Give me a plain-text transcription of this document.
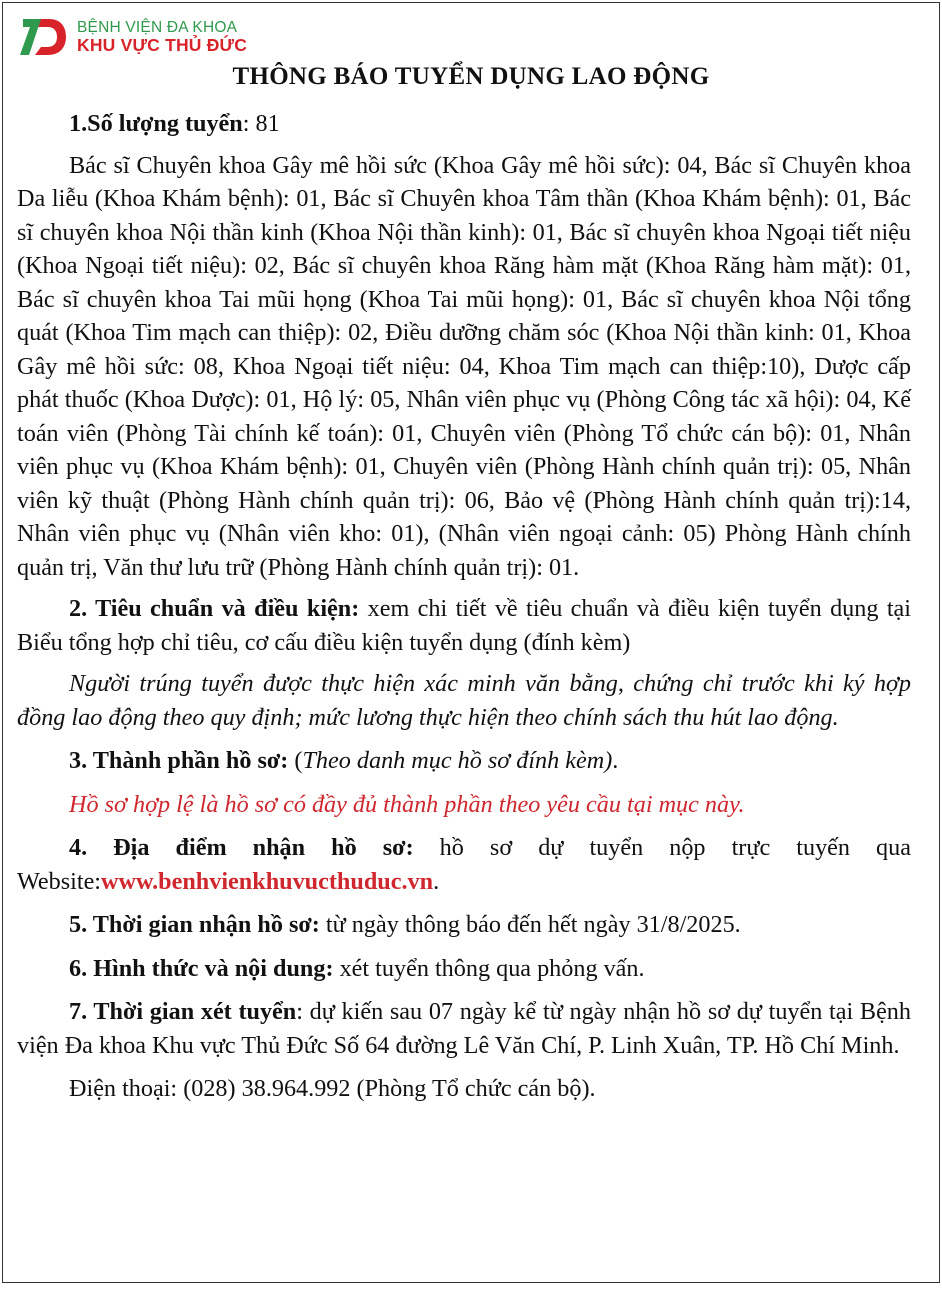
BỆNH VIỆN ĐA KHOA
KHU VỰC THỦ ĐỨC
THÔNG BÁO TUYỂN DỤNG LAO ĐỘNG

1.Số lượng tuyển: 81

Bác sĩ Chuyên khoa Gây mê hồi sức (Khoa Gây mê hồi sức): 04, Bác sĩ Chuyên khoa Da liễu (Khoa Khám bệnh): 01, Bác sĩ Chuyên khoa Tâm thần (Khoa Khám bệnh): 01, Bác sĩ chuyên khoa Nội thần kinh (Khoa Nội thần kinh): 01, Bác sĩ chuyên khoa Ngoại tiết niệu (Khoa Ngoại tiết niệu): 02, Bác sĩ chuyên khoa Răng hàm mặt (Khoa Răng hàm mặt): 01, Bác sĩ chuyên khoa Tai mũi họng (Khoa Tai mũi họng): 01, Bác sĩ chuyên khoa Nội tổng quát (Khoa Tim mạch can thiệp): 02, Điều dưỡng chăm sóc (Khoa Nội thần kinh: 01, Khoa Gây mê hồi sức: 08, Khoa Ngoại tiết niệu: 04, Khoa Tim mạch can thiệp:10), Dược cấp phát thuốc (Khoa Dược): 01, Hộ lý: 05, Nhân viên phục vụ (Phòng Công tác xã hội): 04, Kế toán viên (Phòng Tài chính kế toán): 01, Chuyên viên (Phòng Tổ chức cán bộ): 01, Nhân viên phục vụ (Khoa Khám bệnh): 01, Chuyên viên (Phòng Hành chính quản trị): 05, Nhân viên kỹ thuật (Phòng Hành chính quản trị): 06, Bảo vệ (Phòng Hành chính quản trị):14, Nhân viên phục vụ (Nhân viên kho: 01), (Nhân viên ngoại cảnh: 05) Phòng Hành chính quản trị, Văn thư lưu trữ (Phòng Hành chính quản trị): 01.

2. Tiêu chuẩn và điều kiện: xem chi tiết về tiêu chuẩn và điều kiện tuyển dụng tại Biểu tổng hợp chỉ tiêu, cơ cấu điều kiện tuyển dụng (đính kèm)

Người trúng tuyển được thực hiện xác minh văn bằng, chứng chỉ trước khi ký hợp đồng lao động theo quy định; mức lương thực hiện theo chính sách thu hút lao động.

3. Thành phần hồ sơ: (Theo danh mục hồ sơ đính kèm).

Hồ sơ hợp lệ là hồ sơ có đầy đủ thành phần theo yêu cầu tại mục này.

4. Địa điểm nhận hồ sơ: hồ sơ dự tuyển nộp trực tuyến qua Website:www.benhvienkhuvucthuduc.vn.

5. Thời gian nhận hồ sơ: từ ngày thông báo đến hết ngày 31/8/2025.

6. Hình thức và nội dung: xét tuyển thông qua phỏng vấn.

7. Thời gian xét tuyển: dự kiến sau 07 ngày kể từ ngày nhận hồ sơ dự tuyển tại Bệnh viện Đa khoa Khu vực Thủ Đức Số 64 đường Lê Văn Chí, P. Linh Xuân, TP. Hồ Chí Minh.

Điện thoại: (028) 38.964.992 (Phòng Tổ chức cán bộ).
